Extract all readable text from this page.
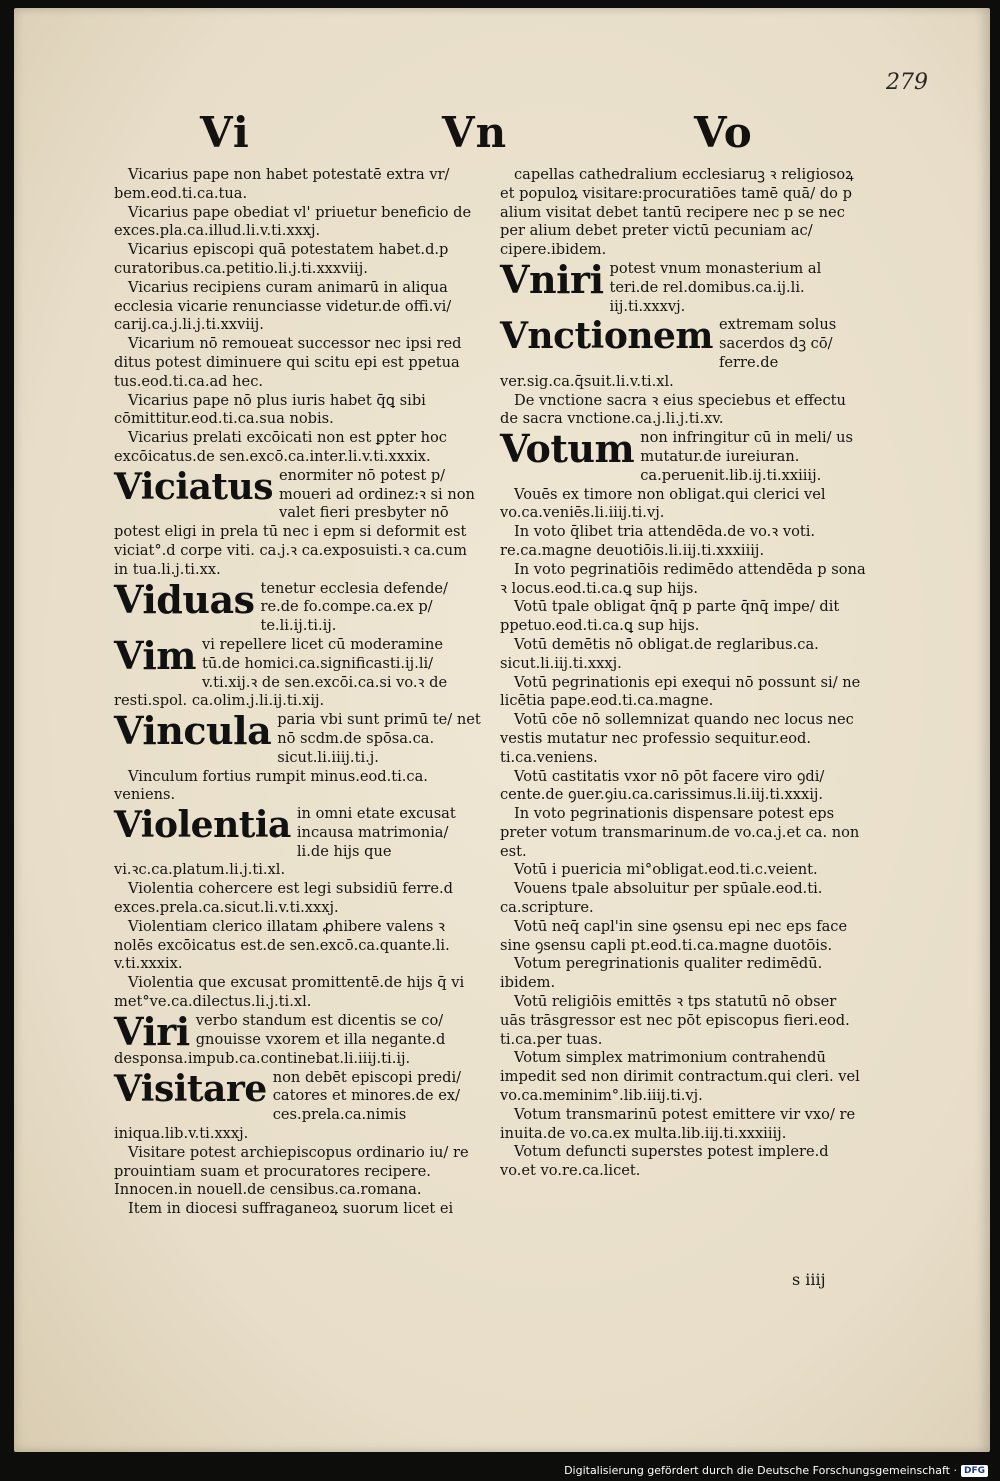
279
Vi	Vn	Vo

Vicarius pape non habet potestatē extra vr/ bem.eod.ti.ca.tua.

Vicarius pape obediat vl' priuetur beneficio de exces.pla.ca.illud.li.v.ti.xxxj.

Vicarius episcopi quā potestatem habet.d.p curatoribus.ca.petitio.li.j.ti.xxxviij.

Vicarius recipiens curam animarū in aliqua ecclesia vicarie renunciasse videtur.de offi.vi/ carij.ca.j.li.j.ti.xxviij.

Vicarium nō remoueat successor nec ipsi red ditus potest diminuere qui scitu epi est ppetua tus.eod.ti.ca.ad hec.

Vicarius pape nō plus iuris habet q̄ꝗ sibi cōmittitur.eod.ti.ca.sua nobis.

Vicarius prelati excōicati non est ꝑpter hoc excōicatus.de sen.excō.ca.inter.li.v.ti.xxxix.

Viciatus enormiter nō potest p/ moueri ad ordinez:ꝛ si non valet fieri presbyter nō potest eligi in prela tū nec i epm si deformit est viciat°.d corpe viti. ca.j.ꝛ ca.exposuisti.ꝛ ca.cum in tua.li.j.ti.xx.

Viduas tenetur ecclesia defende/ re.de fo.compe.ca.ex p/ te.li.ij.ti.ij.

Vim vi repellere licet cū moderamine tū.de homici.ca.significasti.ij.li/ v.ti.xij.ꝛ de sen.excōi.ca.si vo.ꝛ de resti.spol. ca.olim.j.li.ij.ti.xij.

Vincula paria vbi sunt primū te/ net nō scdm.de spōsa.ca. sicut.li.iiij.ti.j.

Vinculum fortius rumpit minus.eod.ti.ca. veniens.

Violentia in omni etate excusat incausa matrimonia/ li.de hijs que vi.ꝛc.ca.platum.li.j.ti.xl.

Violentia cohercere est legi subsidiū ferre.d exces.prela.ca.sicut.li.v.ti.xxxj.

Violentiam clerico illatam ꝓhibere valens ꝛ nolēs excōicatus est.de sen.excō.ca.quante.li. v.ti.xxxix.

Violentia que excusat promittentē.de hijs q̄ vi met°ve.ca.dilectus.li.j.ti.xl.

Viri verbo standum est dicentis se co/ gnouisse vxorem et illa negante.d desponsa.impub.ca.continebat.li.iiij.ti.ij.

Visitare non debēt episcopi predi/ catores et minores.de ex/ ces.prela.ca.nimis iniqua.lib.v.ti.xxxj.

Visitare potest archiepiscopus ordinario iu/ re prouintiam suam et procuratores recipere. Innocen.in nouell.de censibus.ca.romana.

Item in diocesi suffraganeoꝝ suorum licet ei

capellas cathedralium ecclesiaruꝫ ꝛ religiosoꝝ et populoꝝ visitare:procuratiōes tamē quā/ do p alium visitat debet tantū recipere nec p se nec per alium debet preter victū pecuniam ac/ cipere.ibidem.

Vniri potest vnum monasterium al teri.de rel.domibus.ca.ij.li. iij.ti.xxxvj.

Vnctionem extremam solus sacerdos dꝫ cō/ ferre.de ver.sig.ca.q̄suit.li.v.ti.xl.

De vnctione sacra ꝛ eius speciebus et effectu de sacra vnctione.ca.j.li.j.ti.xv.

Votum non infringitur cū in meli/ us mutatur.de iureiuran. ca.peruenit.lib.ij.ti.xxiiij.

Vouēs ex timore non obligat.qui clerici vel vo.ca.veniēs.li.iiij.ti.vj.

In voto q̄libet tria attendēda.de vo.ꝛ voti. re.ca.magne deuotiōis.li.iij.ti.xxxiiij.

In voto pegrinatiōis redimēdo attendēda p sona ꝛ locus.eod.ti.ca.ꝗ sup hijs.

Votū tpale obligat q̄nq̄ p parte q̄nq̄ impe/ dit ppetuo.eod.ti.ca.ꝗ sup hijs.

Votū demētis nō obligat.de reglaribus.ca. sicut.li.iij.ti.xxxj.

Votū pegrinationis epi exequi nō possunt si/ ne licētia pape.eod.ti.ca.magne.

Votū cōe nō sollemnizat quando nec locus nec vestis mutatur nec professio sequitur.eod. ti.ca.veniens.

Votū castitatis vxor nō pōt facere viro ꝯdi/ cente.de ꝯuer.ꝯiu.ca.carissimus.li.iij.ti.xxxij.

In voto pegrinationis dispensare potest eps preter votum transmarinum.de vo.ca.j.et ca. non est.

Votū i puericia mi°obligat.eod.ti.c.veient.

Vouens tpale absoluitur per spūale.eod.ti. ca.scripture.

Votū neq̄ capl'in sine ꝯsensu epi nec eps face sine ꝯsensu capli pt.eod.ti.ca.magne duotōis.

Votum peregrinationis qualiter redimēdū. ibidem.

Votū religiōis emittēs ꝛ tps statutū nō obser uās trāsgressor est nec pōt episcopus fieri.eod. ti.ca.per tuas.

Votum simplex matrimonium contrahendū impedit sed non dirimit contractum.qui cleri. vel vo.ca.meminim°.lib.iiij.ti.vj.

Votum transmarinū potest emittere vir vxo/ re inuita.de vo.ca.ex multa.lib.iij.ti.xxxiiij.

Votum defuncti superstes potest implere.d vo.et vo.re.ca.licet.

s iiij
Digitalisierung gefördert durch die Deutsche Forschungsgemeinschaft · DFG
